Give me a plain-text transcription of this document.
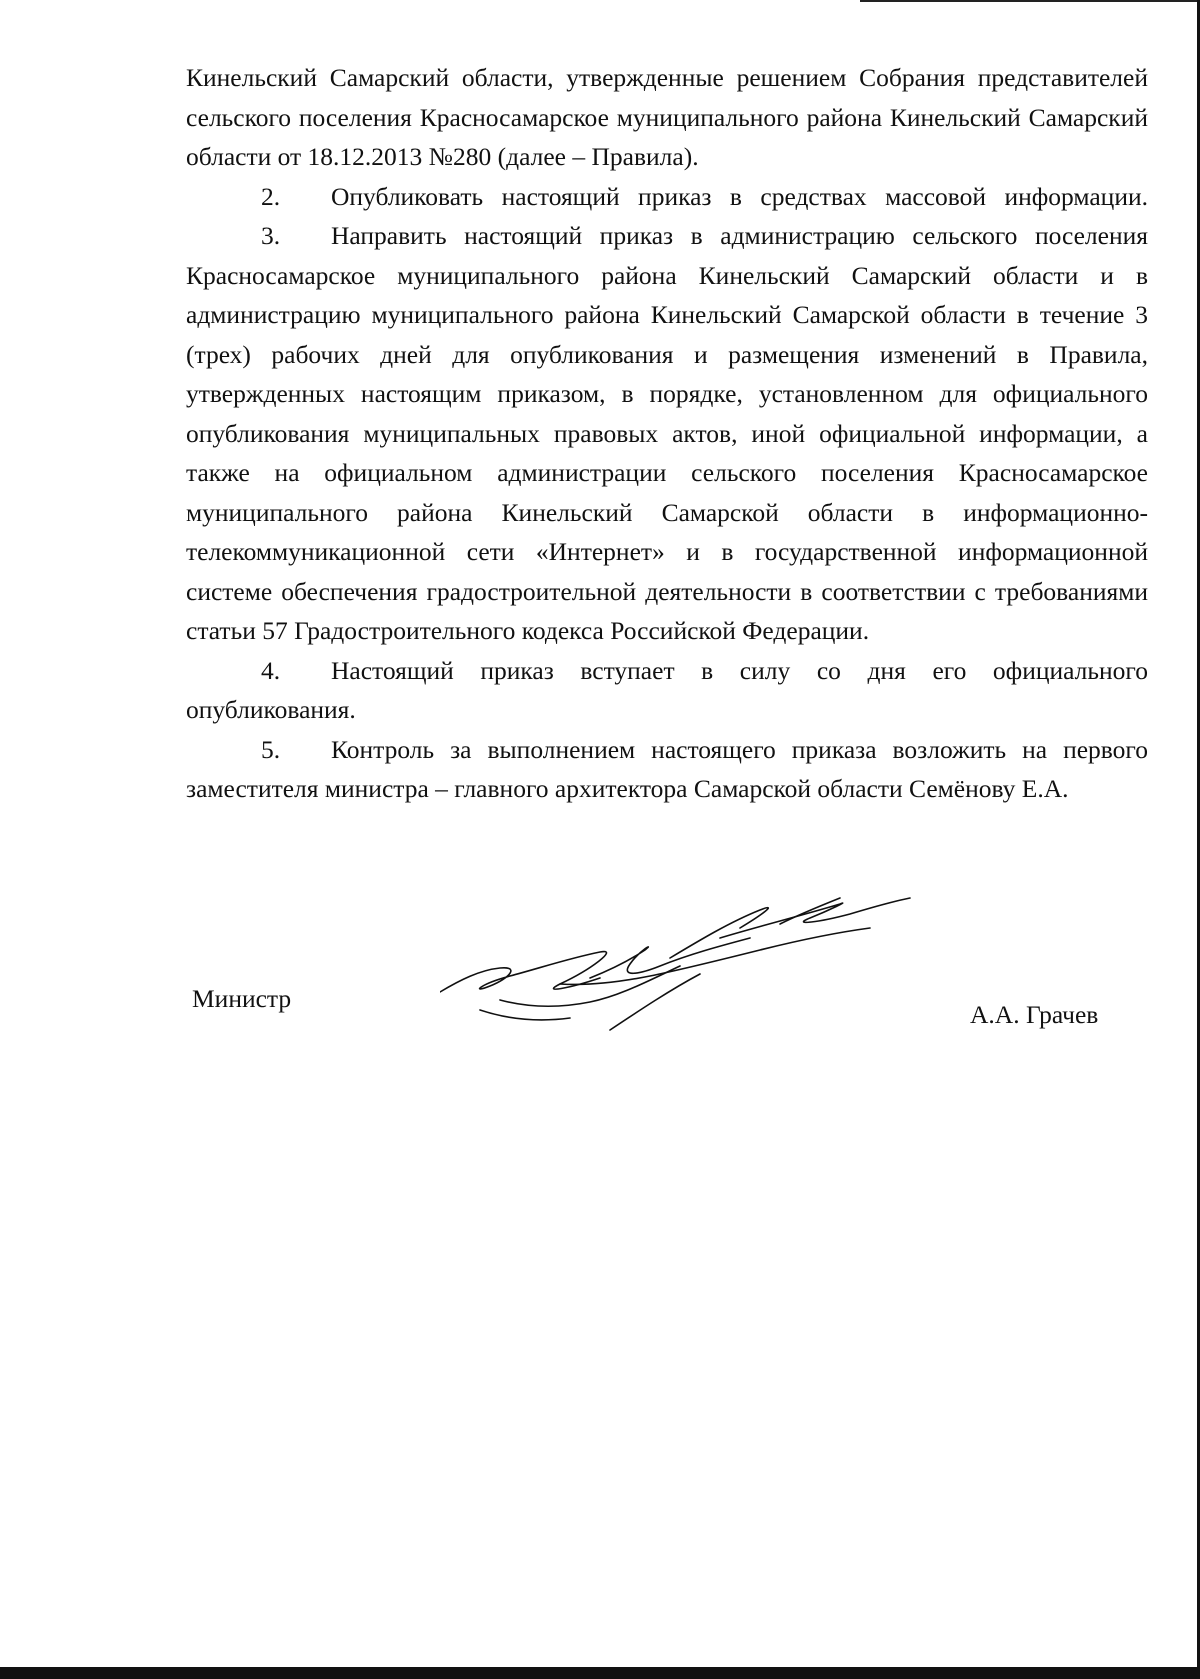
Кинельский Самарский области, утвержденные решением Собрания представителей сельского поселения Красносамарское муниципального района Кинельский Самарский области от 18.12.2013 №280 (далее – Правила).

2. Опубликовать настоящий приказ в средствах массовой информации.

3. Направить настоящий приказ в администрацию сельского поселения Красносамарское муниципального района Кинельский Самарский области и в администрацию муниципального района Кинельский Самарской области в течение 3 (трех) рабочих дней для опубликования и размещения изменений в Правила, утвержденных настоящим приказом, в порядке, установленном для официального опубликования муниципальных правовых актов, иной официальной информации, а также на официальном администрации сельского поселения Красносамарское муниципального района Кинельский Самарской области в информационно-телекоммуникационной сети «Интернет» и в государственной информационной системе обеспечения градостроительной деятельности в соответствии с требованиями статьи 57 Градостроительного кодекса Российской Федерации.

4. Настоящий приказ вступает в силу со дня его официального опубликования.

5. Контроль за выполнением настоящего приказа возложить на первого заместителя министра – главного архитектора Самарской области Семёнову Е.А.

Министр
А.А. Грачев
